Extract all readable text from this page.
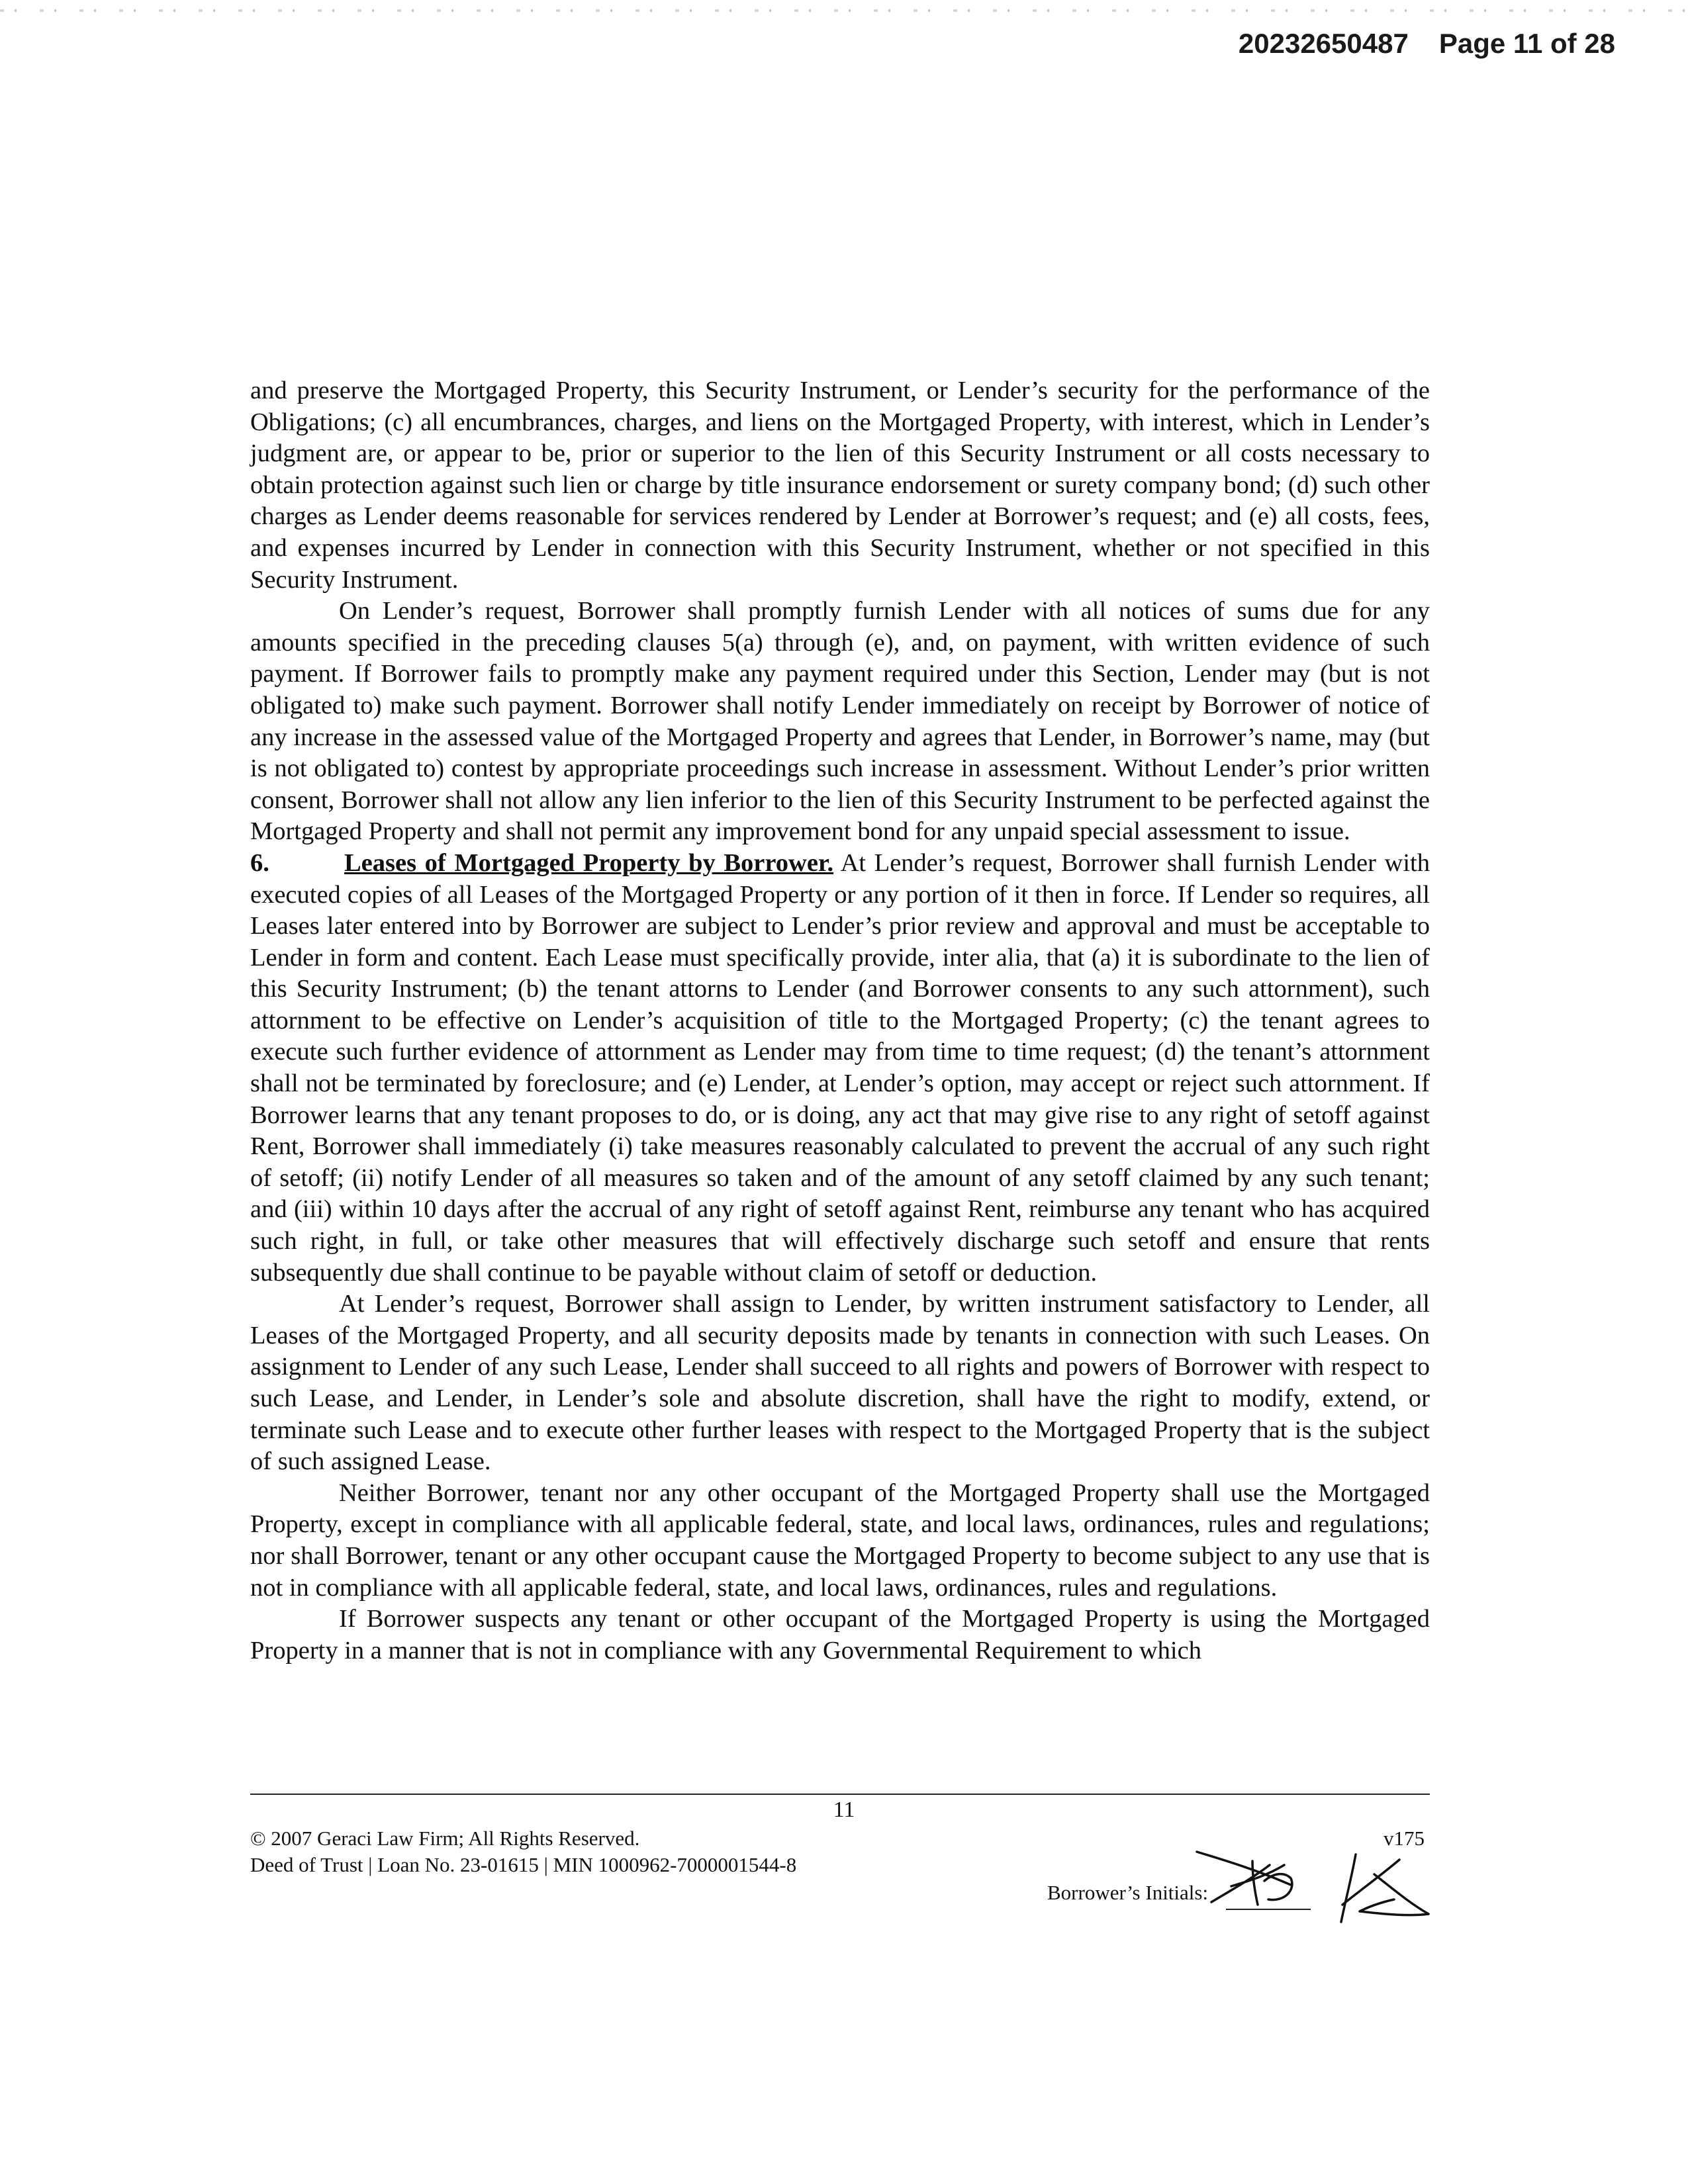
20232650487 Page 11 of 28

and preserve the Mortgaged Property, this Security Instrument, or Lender’s security for the performance of the Obligations; (c) all encumbrances, charges, and liens on the Mortgaged Property, with interest, which in Lender’s judgment are, or appear to be, prior or superior to the lien of this Security Instrument or all costs necessary to obtain protection against such lien or charge by title insurance endorsement or surety company bond; (d) such other charges as Lender deems reasonable for services rendered by Lender at Borrower’s request; and (e) all costs, fees, and expenses incurred by Lender in connection with this Security Instrument, whether or not specified in this Security Instrument.

On Lender’s request, Borrower shall promptly furnish Lender with all notices of sums due for any amounts specified in the preceding clauses 5(a) through (e), and, on payment, with written evidence of such payment. If Borrower fails to promptly make any payment required under this Section, Lender may (but is not obligated to) make such payment. Borrower shall notify Lender immediately on receipt by Borrower of notice of any increase in the assessed value of the Mortgaged Property and agrees that Lender, in Borrower’s name, may (but is not obligated to) contest by appropriate proceedings such increase in assessment. Without Lender’s prior written consent, Borrower shall not allow any lien inferior to the lien of this Security Instrument to be perfected against the Mortgaged Property and shall not permit any improvement bond for any unpaid special assessment to issue.

6.	Leases of Mortgaged Property by Borrower. At Lender’s request, Borrower shall furnish Lender with executed copies of all Leases of the Mortgaged Property or any portion of it then in force. If Lender so requires, all Leases later entered into by Borrower are subject to Lender’s prior review and approval and must be acceptable to Lender in form and content. Each Lease must specifically provide, inter alia, that (a) it is subordinate to the lien of this Security Instrument; (b) the tenant attorns to Lender (and Borrower consents to any such attornment), such attornment to be effective on Lender’s acquisition of title to the Mortgaged Property; (c) the tenant agrees to execute such further evidence of attornment as Lender may from time to time request; (d) the tenant’s attornment shall not be terminated by foreclosure; and (e) Lender, at Lender’s option, may accept or reject such attornment. If Borrower learns that any tenant proposes to do, or is doing, any act that may give rise to any right of setoff against Rent, Borrower shall immediately (i) take measures reasonably calculated to prevent the accrual of any such right of setoff; (ii) notify Lender of all measures so taken and of the amount of any setoff claimed by any such tenant; and (iii) within 10 days after the accrual of any right of setoff against Rent, reimburse any tenant who has acquired such right, in full, or take other measures that will effectively discharge such setoff and ensure that rents subsequently due shall continue to be payable without claim of setoff or deduction.

At Lender’s request, Borrower shall assign to Lender, by written instrument satisfactory to Lender, all Leases of the Mortgaged Property, and all security deposits made by tenants in connection with such Leases. On assignment to Lender of any such Lease, Lender shall succeed to all rights and powers of Borrower with respect to such Lease, and Lender, in Lender’s sole and absolute discretion, shall have the right to modify, extend, or terminate such Lease and to execute other further leases with respect to the Mortgaged Property that is the subject of such assigned Lease.

Neither Borrower, tenant nor any other occupant of the Mortgaged Property shall use the Mortgaged Property, except in compliance with all applicable federal, state, and local laws, ordinances, rules and regulations; nor shall Borrower, tenant or any other occupant cause the Mortgaged Property to become subject to any use that is not in compliance with all applicable federal, state, and local laws, ordinances, rules and regulations.

If Borrower suspects any tenant or other occupant of the Mortgaged Property is using the Mortgaged Property in a manner that is not in compliance with any Governmental Requirement to which

11
© 2007 Geraci Law Firm; All Rights Reserved.
Deed of Trust | Loan No. 23-01615 | MIN 1000962-7000001544-8
v175
Borrower’s Initials:
